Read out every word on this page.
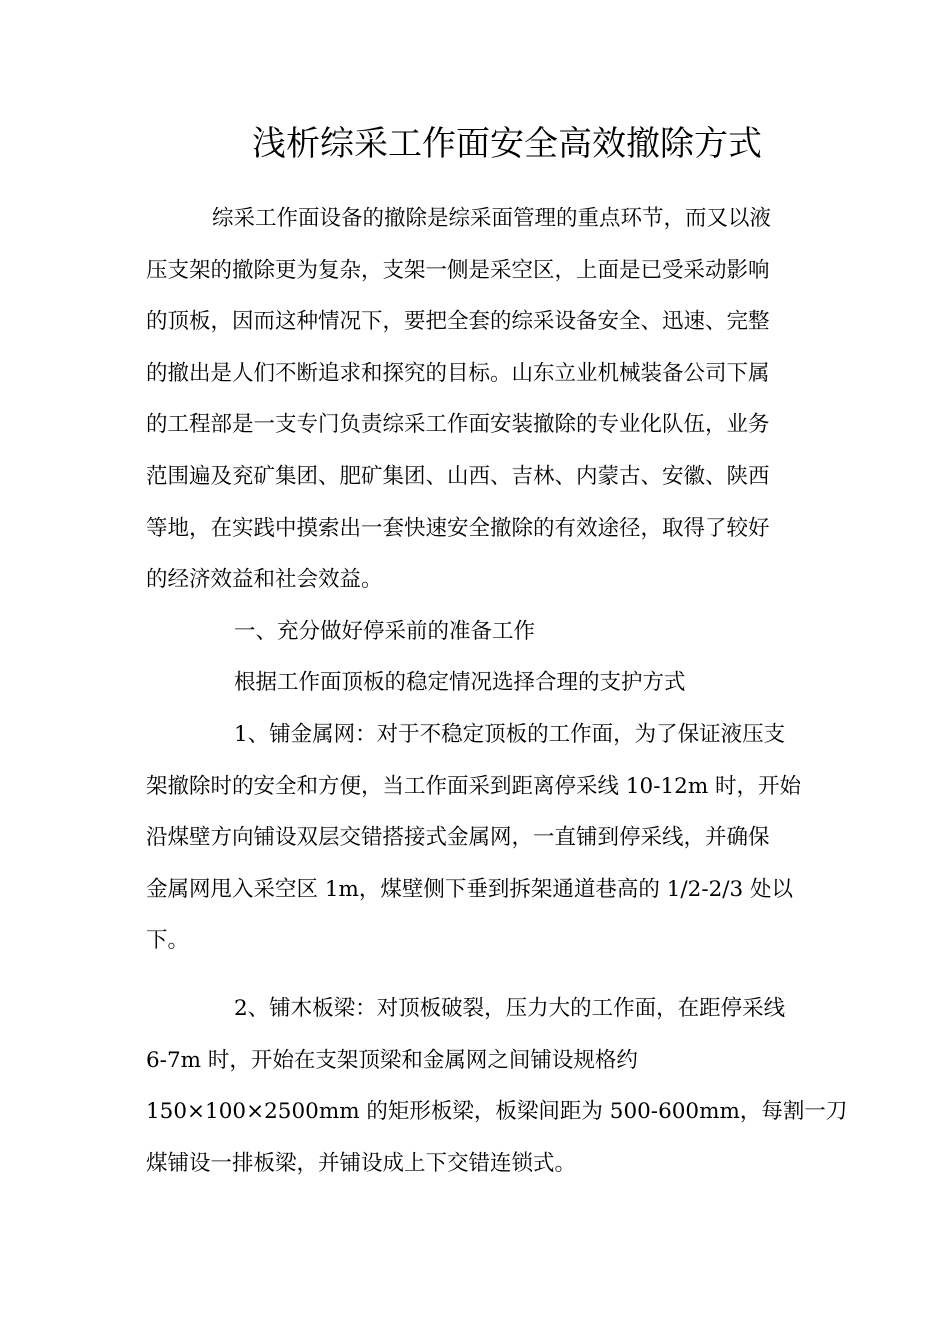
浅析综采工作面安全高效撤除方式
综采工作面设备的撤除是综采面管理的重点环节，而又以液
压支架的撤除更为复杂，支架一侧是采空区，上面是已受采动影响
的顶板，因而这种情况下，要把全套的综采设备安全、迅速、完整
的撤出是人们不断追求和探究的目标。山东立业机械装备公司下属
的工程部是一支专门负责综采工作面安装撤除的专业化队伍，业务
范围遍及兖矿集团、肥矿集团、山西、吉林、内蒙古、安徽、陕西
等地，在实践中摸索出一套快速安全撤除的有效途径，取得了较好
的经济效益和社会效益。
一、充分做好停采前的准备工作
根据工作面顶板的稳定情况选择合理的支护方式
1、铺金属网：对于不稳定顶板的工作面，为了保证液压支
架撤除时的安全和方便，当工作面采到距离停采线 10-12m 时，开始
沿煤壁方向铺设双层交错搭接式金属网，一直铺到停采线，并确保
金属网甩入采空区 1m，煤壁侧下垂到拆架通道巷高的 1/2-2/3 处以
下。
2、铺木板梁：对顶板破裂，压力大的工作面，在距停采线
6-7m 时，开始在支架顶梁和金属网之间铺设规格约
150×100×2500mm 的矩形板梁，板梁间距为 500-600mm，每割一刀
煤铺设一排板梁，并铺设成上下交错连锁式。
